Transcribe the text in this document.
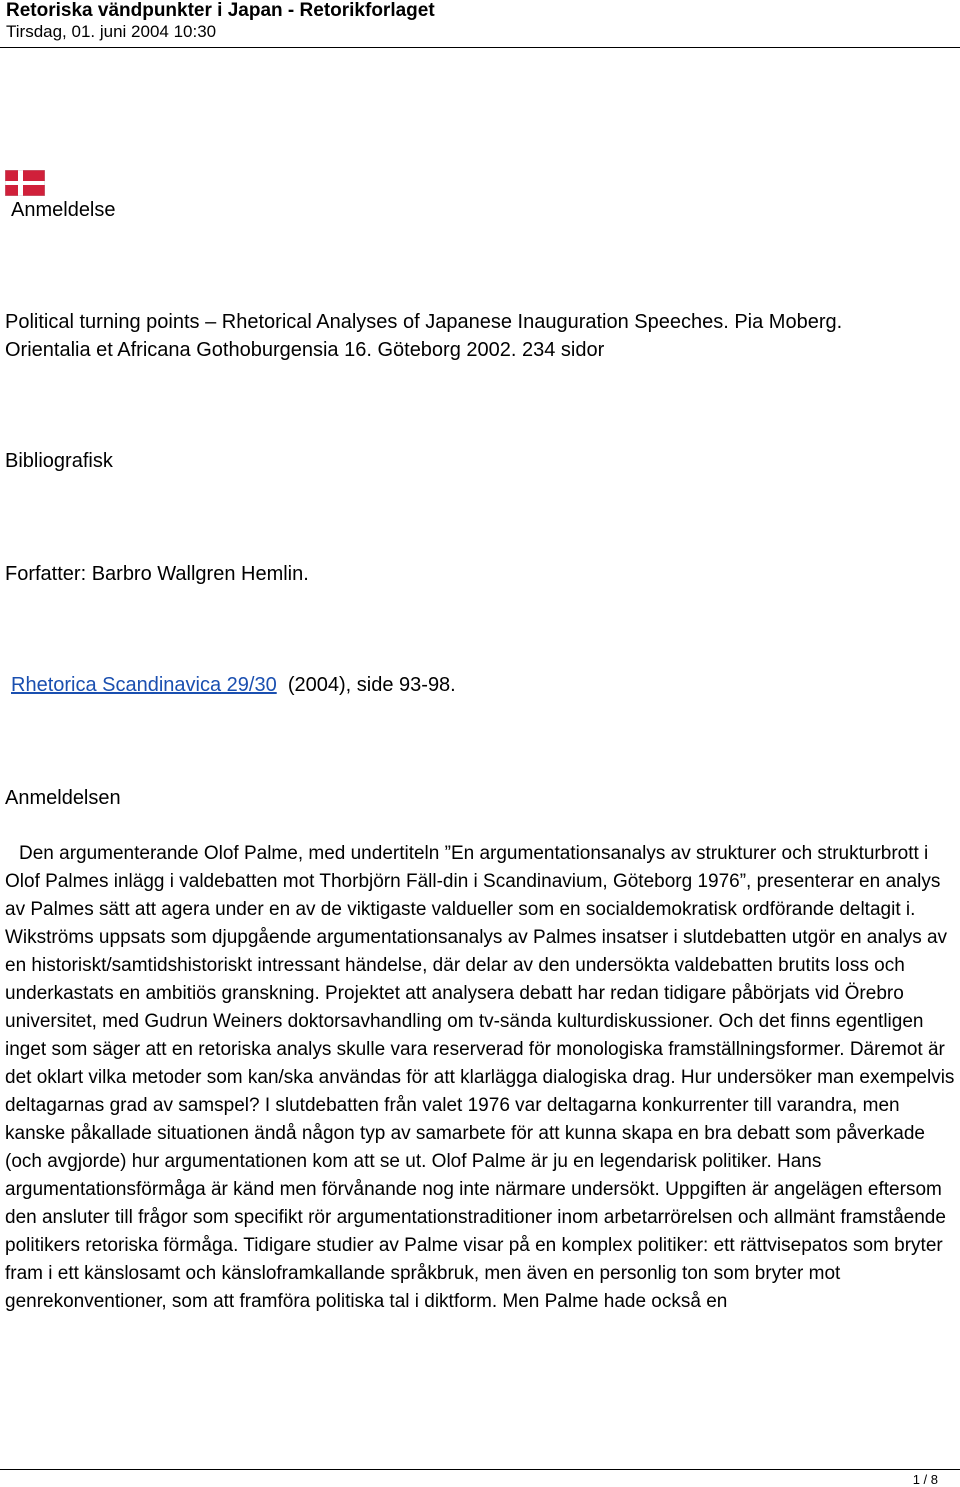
Retoriska vändpunkter i Japan - Retorikforlaget
Tirsdag, 01. juni 2004 10:30
Anmeldelse
Political turning points – Rhetorical Analyses of Japanese Inauguration Speeches. Pia Moberg.
Orientalia et Africana Gothoburgensia 16. Göteborg 2002. 234 sidor
Bibliografisk
Forfatter: Barbro Wallgren Hemlin.
Rhetorica Scandinavica 29/30 (2004), side 93-98.
Anmeldelsen

Den argumenterande Olof Palme, med undertiteln ”En argumentationsanalys av strukturer och strukturbrott i Olof Palmes inlägg i valdebatten mot Thorbjörn Fäll-din i Scandinavium, Göteborg 1976”, presenterar en analys av Palmes sätt att agera under en av de viktigaste valdueller som en socialdemokratisk ordförande deltagit i. Wikströms uppsats som djupgående argumentationsanalys av Palmes insatser i slutdebatten utgör en analys av en historiskt/samtidshistoriskt intressant händelse, där delar av den undersökta valdebatten brutits loss och underkastats en ambitiös granskning. Projektet att analysera debatt har redan tidigare påbörjats vid Örebro universitet, med Gudrun Weiners doktorsavhandling om tv-sända kulturdiskussioner. Och det finns egentligen inget som säger att en retoriska analys skulle vara reserverad för monologiska framställningsformer. Däremot är det oklart vilka metoder som kan/ska användas för att klarlägga dialogiska drag. Hur undersöker man exempelvis deltagarnas grad av samspel? I slutdebatten från valet 1976 var deltagarna konkurrenter till varandra, men kanske påkallade situationen ändå någon typ av samarbete för att kunna skapa en bra debatt som påverkade (och avgjorde) hur argumentationen kom att se ut. Olof Palme är ju en legendarisk politiker. Hans argumentationsförmåga är känd men förvånande nog inte närmare undersökt. Uppgiften är angelägen eftersom den ansluter till frågor som specifikt rör argumentationstraditioner inom arbetarrörelsen och allmänt framstående politikers retoriska förmåga. Tidigare studier av Palme visar på en komplex politiker: ett rättvisepatos som bryter fram i ett känslosamt och känsloframkallande språkbruk, men även en personlig ton som bryter mot genrekonventioner, som att framföra politiska tal i diktform. Men Palme hade också en

1 / 8
